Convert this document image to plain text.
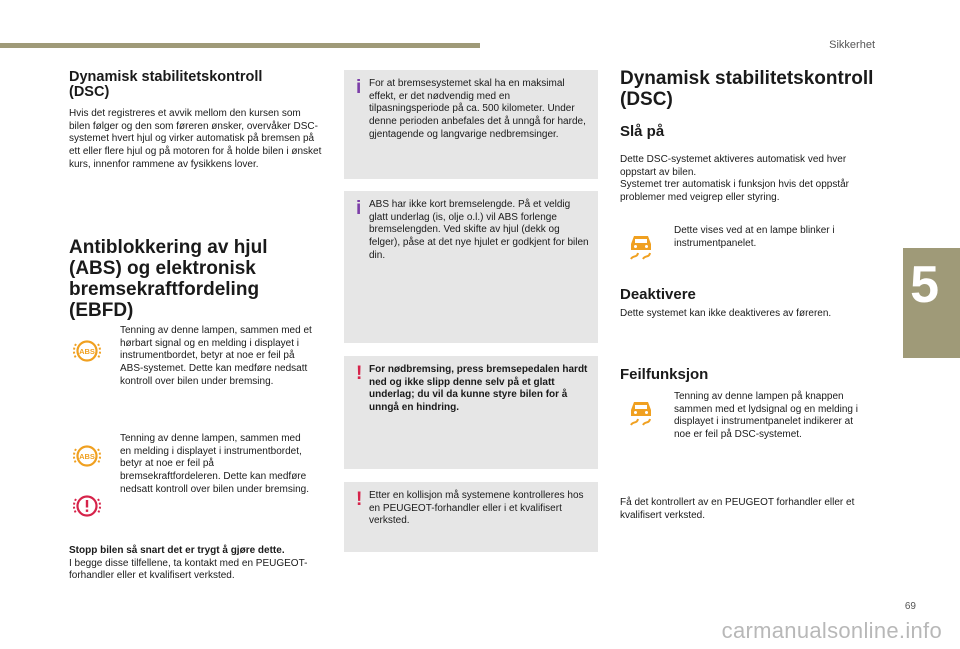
Sikkerhet
5
Dynamisk stabilitetskontroll (DSC)

Hvis det registreres et avvik mellom den kursen som bilen følger og den som føreren ønsker, overvåker DSC-systemet hvert hjul og virker automatisk på bremsen på ett eller flere hjul og på motoren for å holde bilen i ønsket kurs, innenfor rammene av fysikkens lover.

Antiblokkering av hjul (ABS) og elektronisk bremsekraftfordeling (EBFD)
ABS

Tenning av denne lampen, sammen med et hørbart signal og en melding i displayet i instrumentbordet, betyr at noe er feil på ABS-systemet. Dette kan medføre nedsatt kontroll over bilen under bremsing.

ABS

Tenning av denne lampen, sammen med en melding i displayet i instrumentbordet, betyr at noe er feil på bremsekraftfordeleren. Dette kan medføre nedsatt kontroll over bilen under bremsing.

Stopp bilen så snart det er trygt å gjøre dette.

I begge disse tilfellene, ta kontakt med en PEUGEOT-forhandler eller et kvalifisert verksted.

i For at bremsesystemet skal ha en maksimal effekt, er det nødvendig med en tilpasningsperiode på ca. 500 kilometer. Under denne perioden anbefales det å unngå for harde, gjentagende og langvarige nedbremsinger.
i ABS har ikke kort bremselengde. På et veldig glatt underlag (is, olje o.l.) vil ABS forlenge bremselengden. Ved skifte av hjul (dekk og felger), påse at det nye hjulet er godkjent for bilen din.
! For nødbremsing, press bremsepedalen hardt ned og ikke slipp denne selv på et glatt underlag; du vil da kunne styre bilen for å unngå en hindring.
! Etter en kollisjon må systemene kontrolleres hos en PEUGEOT-forhandler eller i et kvalifisert verksted.
Dynamisk stabilitetskontroll (DSC)
Slå på

Dette DSC-systemet aktiveres automatisk ved hver oppstart av bilen.

Systemet trer automatisk i funksjon hvis det oppstår problemer med veigrep eller styring.

Dette vises ved at en lampe blinker i instrumentpanelet.

Deaktivere

Dette systemet kan ikke deaktiveres av føreren.

Feilfunksjon

Tenning av denne lampen på knappen sammen med et lydsignal og en melding i displayet i instrumentpanelet indikerer at noe er feil på DSC-systemet.

Få det kontrollert av en PEUGEOT forhandler eller et kvalifisert verksted.

69
carmanualsonline.info
